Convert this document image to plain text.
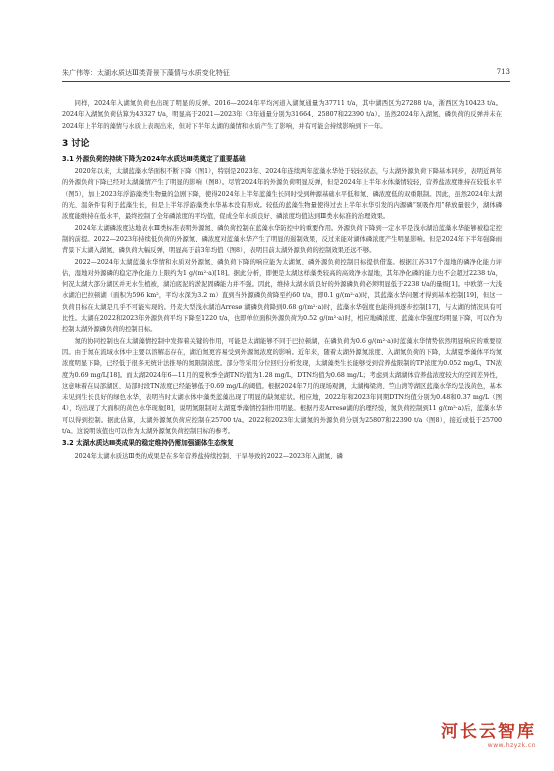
朱广伟等：太湖水质达Ⅲ类背景下藻情与水质变化特征	713

同样，2024年入湖氮负荷也出现了明显的反弹。2016—2024年平均河道入湖氮通量为37711 t/a，其中湖西区为27288 t/a，浙西区为10423 t/a。2024年入湖氮负荷估算为43327 t/a，明显高于2021—2023年（3年通量分别为31664、25807和22390 t/a）。虽然2024年入湖氮、磷负荷的反弹并未在2024年上半年的藻情与水质上表现出来，但对下半年太湖的藻情和水质产生了影响，并有可能会持续影响到下一年。

3 讨论
3.1 外源负荷的持续下降为2024年水质达Ⅲ类奠定了重要基础

2020年以来，太湖蓝藻水华面积不断下降（图1），特别是2023年、2024年连续两年蓝藻水华处于较轻状态，与太湖外源负荷下降基本同步，表明近两年的外源负荷下降已经对太湖藻情产生了明显的影响（图8）。尽管2024年的外源负荷明显反弹，但是2024年上半年水体藻情较轻，营养盐浓度维持在较低水平（图5），加上2023年浮游藻类生物量的急剧下降，使得2024年上半年蓝藻生长同时受到种源基础水平低和氮、磷浓度低的双重限制。因此，虽然2024年太湖的光、温条件有利于蓝藻生长，但是上半年浮游藻类水华基本没有形成。较低的蓝藻生物量使得过去上半年水华引发的内源磷“泵吸作用”释放量很少，湖体磷浓度能维持在低水平，最终控制了全年磷浓度的平均值，促成全年水质良好、磷浓度均值达到Ⅲ类水标准的治理效果。

2024年太湖磷浓度达地表水Ⅲ类标准表明外源氮、磷负荷控制在蓝藻水华防控中的重要作用。外源负荷下降到一定水平是浅水湖泊蓝藻水华能够被稳定控制的前提。2022—2023年持续低负荷的外源氮、磷浓度对蓝藻水华产生了明显的遏制效果，反过来能对湖体磷浓度产生明显影响。但是2024年下半年强降雨背景下太湖入湖氮、磷负荷大幅反弹，明显高于前3年均值（图8），表明目前太湖外源负荷的控制效果还远不够。

2022—2024年太湖蓝藻水华情和水质对外源氮、磷负荷下降的响应能为太湖氮、磷外源负荷控制目标提供借鉴。根据江苏317个湿地的磷净化能力评估，湿地对外源磷的稳定净化能力上限约为1 g/(m²·a)[18]。据此分析，即便是太湖这样藻类较高的高效净水湿地，其年净化磷的能力也不会超过2238 t/a，何况太湖大部分湖区并无水生植被，湖泊底泥的淤泥固磷能力并不强。因此，维持太湖水质良好的外源磷负荷必须明显低于2238 t/a的量级[1]。中欧第一大浅水湖泊巴拉顿湖（面积为596 km²，平均水深为3.2 m）直到当外源磷负荷降至约60 t/a，即0.1 g/(m²·a)时，其蓝藻水华问题才得到基本控制[19]，但这一负荷目标在太湖是几乎不可能实现的。丹麦大型浅水湖泊Arresø 湖磷负荷降到0.68 g/(m²·a)时，蓝藻水华强度也能得到逐步控制[17]，与太湖的情况具有可比性。太湖在2022和2023年外源负荷平均下降至1220 t/a，也即单位面积外源负荷为0.52 g/(m²·a)时，相应地磷浓度、蓝藻水华强度均明显下降，可以作为控制太湖外源磷负荷的控制目标。

氮的协同控制也在太湖藻情控制中发挥着关键的作用，可能是太湖能够不同于巴拉顿湖，在磷负荷为0.6 g/(m²·a)时蓝藻水华情势依然明显响应的重要原因。由于氮在流域水体中主要以溶解态存在，湖泊氮更容易受到外源氮浓度的影响。近年来，随着太湖外源氮浓度、入湖氮负荷的下降，太湖夏季藻体平均氮浓度明显下降，已经低于很多无统计法推导的氮限制浓度。部分等采用分位回归分析发现，太湖藻类生长能够受到营养盐限制的TP浓度为0.052 mg/L，TN浓度为0.69 mg/L[18]。而太湖2024年6—11月的夏秋季全湖TN均值为1.28 mg/L，DTN均值为0.68 mg/L；考虑到太湖湖体营养盐浓度较大的空间差异性，这意味着在局部湖区、局部时段TN浓度已经能够低于0.69 mg/L的阈值。根据2024年7月的现场观测，太湖梅梁湾、竺山湾等湖区蓝藻水华均呈浅黄色，基本未见到生长良好的绿色水华，表明当时太湖水体中藻类蓝藻出现了明显的缺氮症状。相应地，2022年和2023年同期DTN均值分别为0.48和0.37 mg/L（图4），均出现了大面积的黄色水华现象[8]，说明氮限制对太湖夏季藻情控制作用明显。根据丹麦Arresø湖的治理经验，氮负荷控制到11 g/(m²·a)后，蓝藻水华可以得到控制。据此估算，太湖外源氮负荷应控制在25700 t/a。2022和2023年太湖氮的外源负荷分别为25807和22390 t/a（图8），接近或低于25700 t/a。这说明该值也可以作为太湖外源氮负荷控制目标的参考。

3.2 太湖水质达Ⅲ类成果的稳定维持仍需加强湖体生态恢复

2024年太湖水质达Ⅲ类的成果是在多年营养盐持续控制、干旱导致的2022—2023年入湖氮、磷

河长云智库
www.hzyzk.cn
